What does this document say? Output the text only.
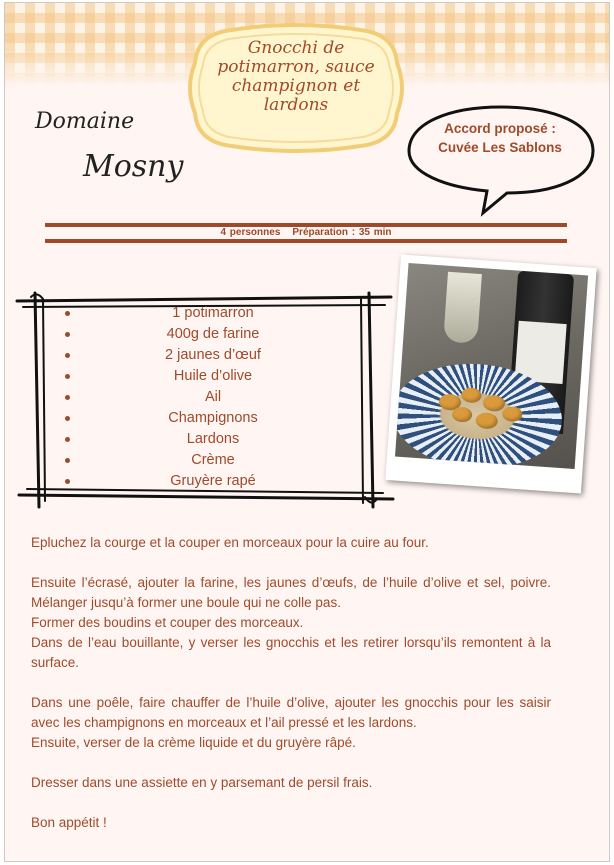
Gnocchi de potimarron, sauce champignon et lardons
Domaine
Mosny
Accord proposé :
Cuvée Les Sablons
4 personnes Préparation : 35 min
1 potimarron
400g de farine
2 jaunes d’œuf
Huile d’olive
Ail
Champignons
Lardons
Crème
Gruyère rapé

Epluchez la courge et la couper en morceaux pour la cuire au four.

Ensuite l’écrasé, ajouter la farine, les jaunes d’œufs, de l’huile d’olive et sel, poivre. Mélanger jusqu’à former une boule qui ne colle pas.

Former des boudins et couper des morceaux.

Dans de l’eau bouillante, y verser les gnocchis et les retirer lorsqu’ils remontent à la surface.

Dans une poêle, faire chauffer de l’huile d’olive, ajouter les gnocchis pour les saisir avec les champignons en morceaux et l’ail pressé et les lardons.

Ensuite, verser de la crème liquide et du gruyère râpé.

Dresser dans une assiette en y parsemant de persil frais.

Bon appétit !
